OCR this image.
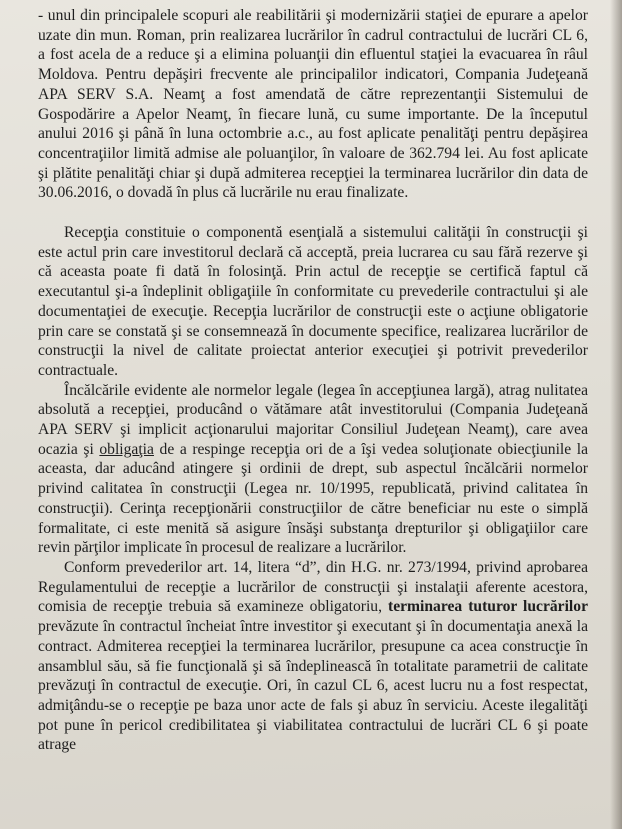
- unul din principalele scopuri ale reabilitării şi modernizării staţiei de epurare a apelor uzate din mun. Roman, prin realizarea lucrărilor în cadrul contractului de lucrări CL 6, a fost acela de a reduce şi a elimina poluanţii din efluentul staţiei la evacuarea în râul Moldova. Pentru depăşiri frecvente ale principalilor indicatori, Compania Judeţeană APA SERV S.A. Neamţ a fost amendată de către reprezentanţii Sistemului de Gospodărire a Apelor Neamţ, în fiecare lună, cu sume importante. De la începutul anului 2016 şi până în luna octombrie a.c., au fost aplicate penalităţi pentru depăşirea concentraţiilor limită admise ale poluanţilor, în valoare de 362.794 lei. Au fost aplicate şi plătite penalităţi chiar şi după admiterea recepţiei la terminarea lucrărilor din data de 30.06.2016, o dovadă în plus că lucrările nu erau finalizate.

Recepţia constituie o componentă esenţială a sistemului calităţii în construcţii şi este actul prin care investitorul declară că acceptă, preia lucrarea cu sau fără rezerve şi că aceasta poate fi dată în folosinţă. Prin actul de recepţie se certifică faptul că executantul şi-a îndeplinit obligaţiile în conformitate cu prevederile contractului şi ale documentaţiei de execuţie. Recepţia lucrărilor de construcţii este o acţiune obligatorie prin care se constată şi se consemnează în documente specifice, realizarea lucrărilor de construcţii la nivel de calitate proiectat anterior execuţiei şi potrivit prevederilor contractuale.

Încălcările evidente ale normelor legale (legea în accepţiunea largă), atrag nulitatea absolută a recepţiei, producând o vătămare atât investitorului (Compania Judeţeană APA SERV şi implicit acţionarului majoritar Consiliul Judeţean Neamţ), care avea ocazia şi obligaţia de a respinge recepţia ori de a îşi vedea soluţionate obiecţiunile la aceasta, dar aducând atingere şi ordinii de drept, sub aspectul încălcării normelor privind calitatea în construcţii (Legea nr. 10/1995, republicată, privind calitatea în construcţii). Cerinţa recepţionării construcţiilor de către beneficiar nu este o simplă formalitate, ci este menită să asigure însăşi substanţa drepturilor şi obligaţiilor care revin părţilor implicate în procesul de realizare a lucrărilor.

Conform prevederilor art. 14, litera “d”, din H.G. nr. 273/1994, privind aprobarea Regulamentului de recepţie a lucrărilor de construcţii şi instalaţii aferente acestora, comisia de recepţie trebuia să examineze obligatoriu, terminarea tuturor lucrărilor prevăzute în contractul încheiat între investitor şi executant şi în documentaţia anexă la contract. Admiterea recepţiei la terminarea lucrărilor, presupune ca acea construcţie în ansamblul său, să fie funcţională şi să îndeplinească în totalitate parametrii de calitate prevăzuţi în contractul de execuţie. Ori, în cazul CL 6, acest lucru nu a fost respectat, admiţându-se o recepţie pe baza unor acte de fals şi abuz în serviciu. Aceste ilegalităţi pot pune în pericol credibilitatea şi viabilitatea contractului de lucrări CL 6 şi poate atrage
